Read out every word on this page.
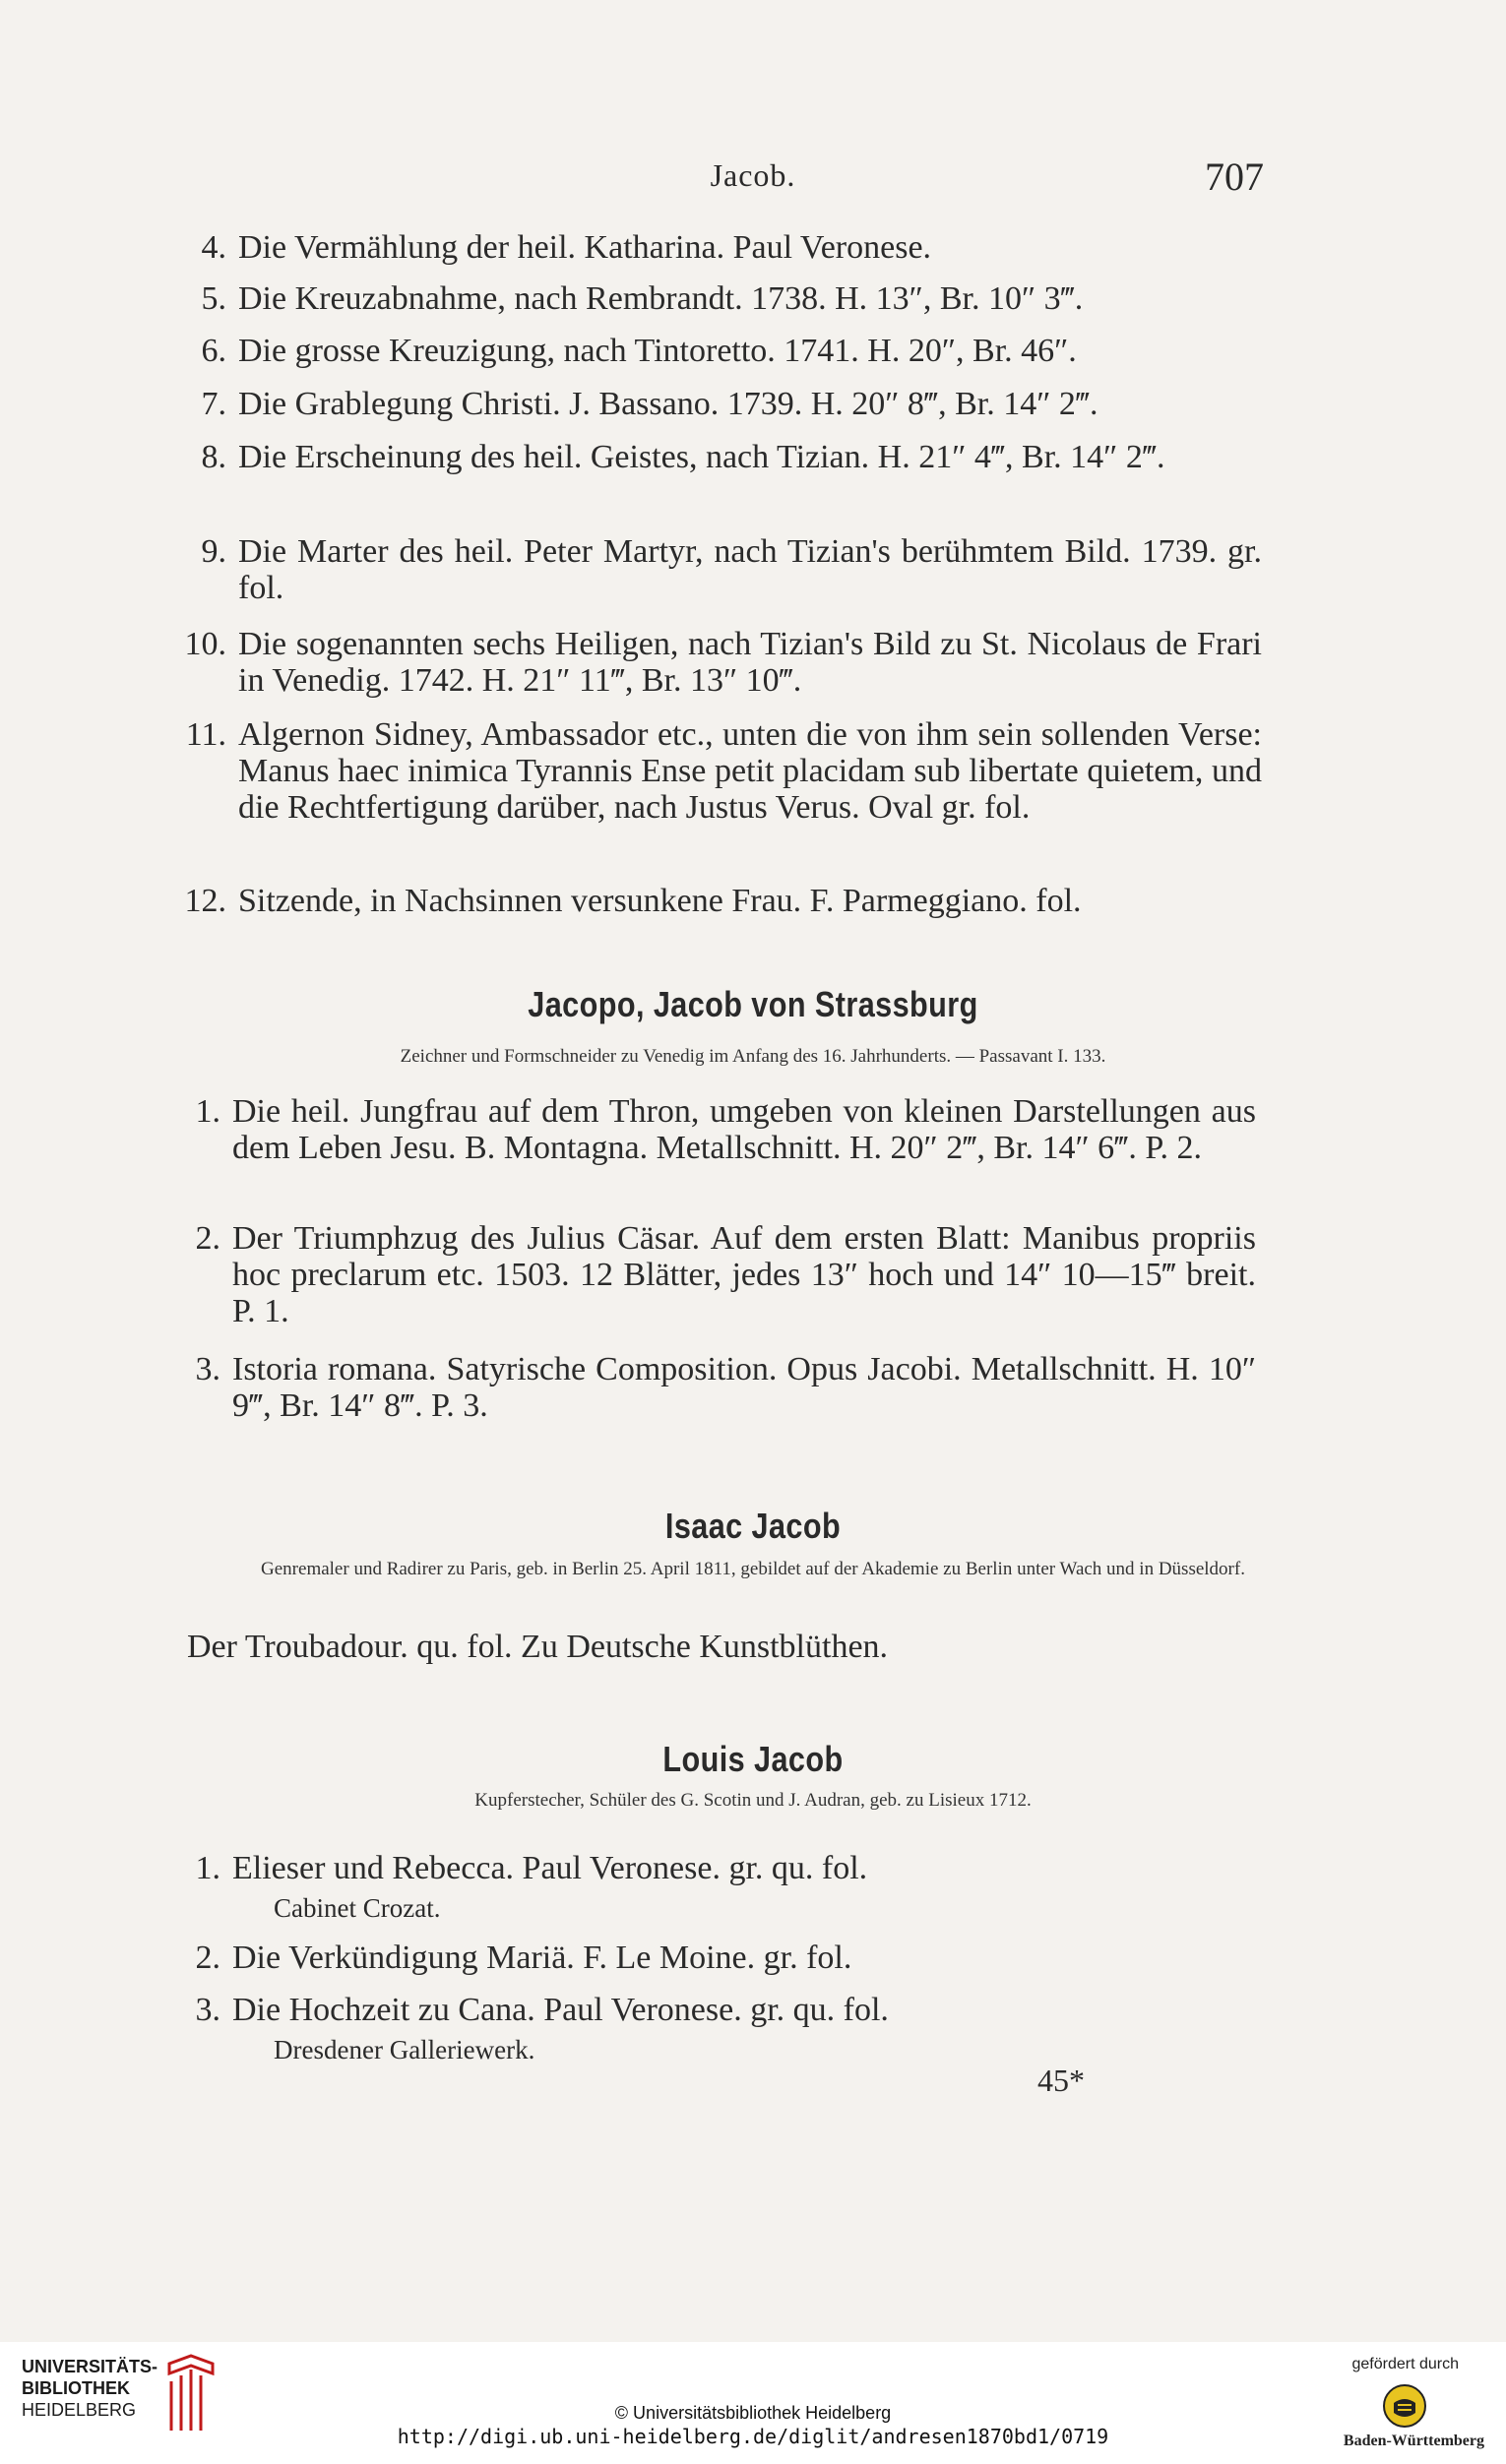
Jacob.	707
4. Die Vermählung der heil. Katharina. Paul Veronese.
5. Die Kreuzabnahme, nach Rembrandt. 1738. H. 13″, Br. 10″ 3‴.
6. Die grosse Kreuzigung, nach Tintoretto. 1741. H. 20″, Br. 46″.
7. Die Grablegung Christi. J. Bassano. 1739. H. 20″ 8‴, Br. 14″ 2‴.
8. Die Erscheinung des heil. Geistes, nach Tizian. H. 21″ 4‴, Br. 14″ 2‴.
9. Die Marter des heil. Peter Martyr, nach Tizian's berühmtem Bild. 1739. gr. fol.
10. Die sogenannten sechs Heiligen, nach Tizian's Bild zu St. Nicolaus de Frari in Venedig. 1742. H. 21″ 11‴, Br. 13″ 10‴.
11. Algernon Sidney, Ambassador etc., unten die von ihm sein sollenden Verse: Manus haec inimica Tyrannis Ense petit placidam sub libertate quietem, und die Rechtfertigung darüber, nach Justus Verus. Oval gr. fol.
12. Sitzende, in Nachsinnen versunkene Frau. F. Parmeggiano. fol.
Jacopo, Jacob von Strassburg
Zeichner und Formschneider zu Venedig im Anfang des 16. Jahrhunderts. — Passavant I. 133.
1. Die heil. Jungfrau auf dem Thron, umgeben von kleinen Darstellungen aus dem Leben Jesu. B. Montagna. Metallschnitt. H. 20″ 2‴, Br. 14″ 6‴. P. 2.
2. Der Triumphzug des Julius Cäsar. Auf dem ersten Blatt: Manibus propriis hoc preclarum etc. 1503. 12 Blätter, jedes 13″ hoch und 14″ 10—15‴ breit. P. 1.
3. Istoria romana. Satyrische Composition. Opus Jacobi. Metallschnitt. H. 10″ 9‴, Br. 14″ 8‴. P. 3.
Isaac Jacob
Genremaler und Radirer zu Paris, geb. in Berlin 25. April 1811, gebildet auf der Akademie zu Berlin unter Wach und in Düsseldorf.
Der Troubadour. qu. fol. Zu Deutsche Kunstblüthen.
Louis Jacob
Kupferstecher, Schüler des G. Scotin und J. Audran, geb. zu Lisieux 1712.
1. Elieser und Rebecca. Paul Veronese. gr. qu. fol.
Cabinet Crozat.
2. Die Verkündigung Mariä. F. Le Moine. gr. fol.
3. Die Hochzeit zu Cana. Paul Veronese. gr. qu. fol.
Dresdener Galleriewerk.
45*
UNIVERSITÄTS-
BIBLIOTHEK
HEIDELBERG	© Universitätsbibliothek Heidelberg
http://digi.ub.uni-heidelberg.de/diglit/andresen1870bd1/0719
gefördert durch
Baden-Württemberg
